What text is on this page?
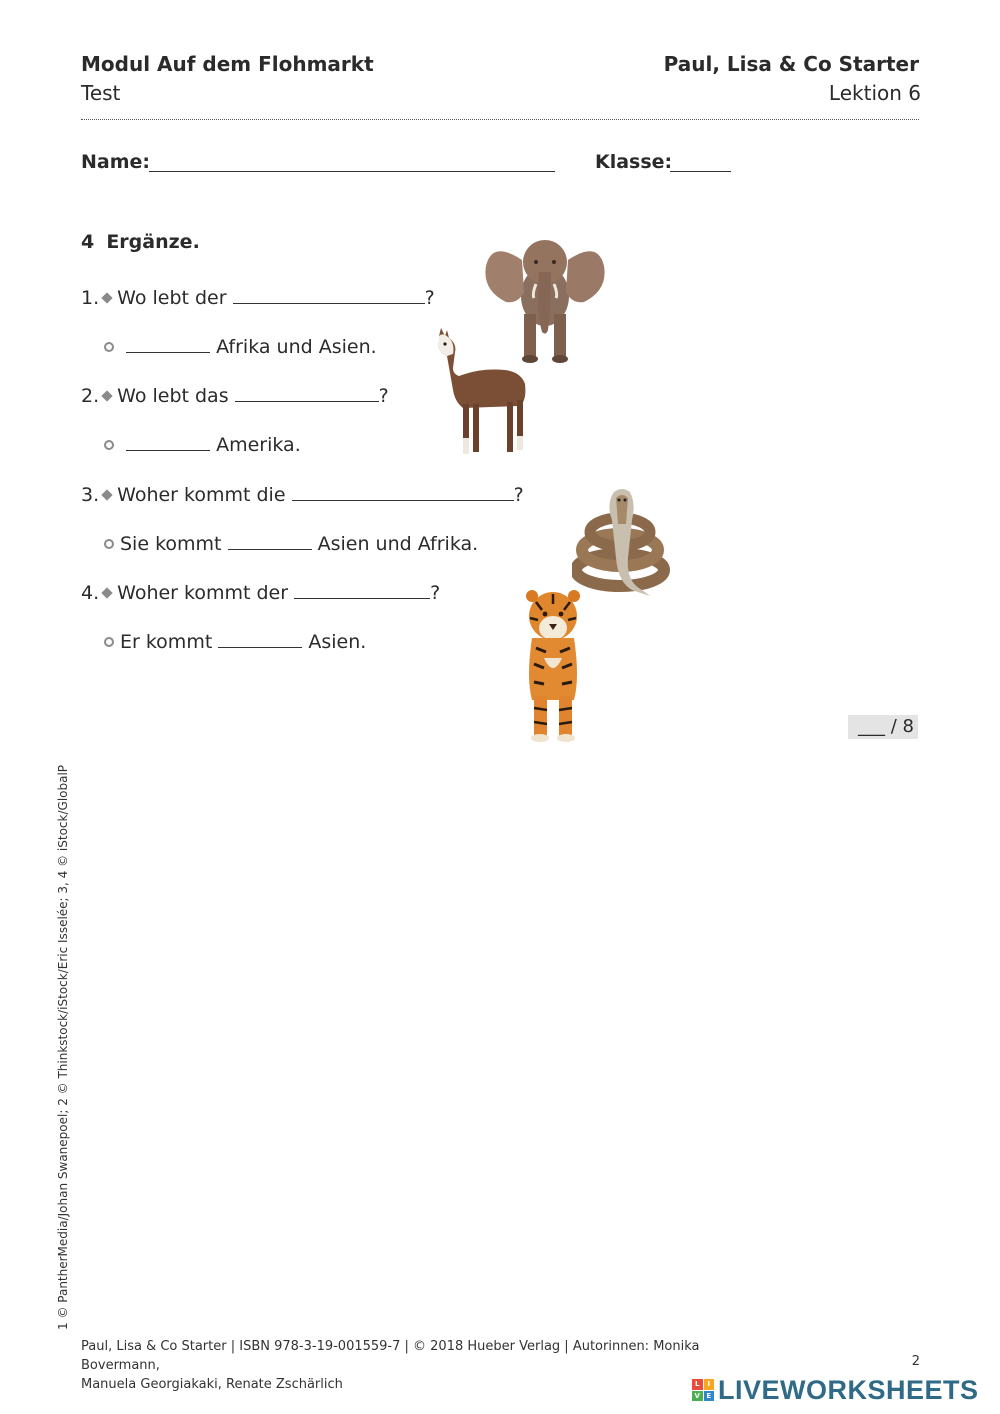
Modul Auf dem Flohmarkt
Test
Paul, Lisa & Co Starter
Lektion 6
Name:	Klasse:
4 Ergänze.
1. Wo lebt der	?
Afrika und Asien.
2. Wo lebt das	?
Amerika.
3. Woher kommt die	?
Sie kommt	Asien und Afrika.
4. Woher kommt der	?
Er kommt	Asien.
___ / 8
1 © PantherMedia/Johan Swanepoel; 2 © Thinkstock/iStock/Eric Isselée; 3, 4 © iStock/GlobalP
Paul, Lisa & Co Starter | ISBN 978-3-19-001559-7 | © 2018 Hueber Verlag | Autorinnen: Monika Bovermann,
Manuela Georgiakaki, Renate Zschärlich
2
L	I
V E LIVEWORKSHEETS
